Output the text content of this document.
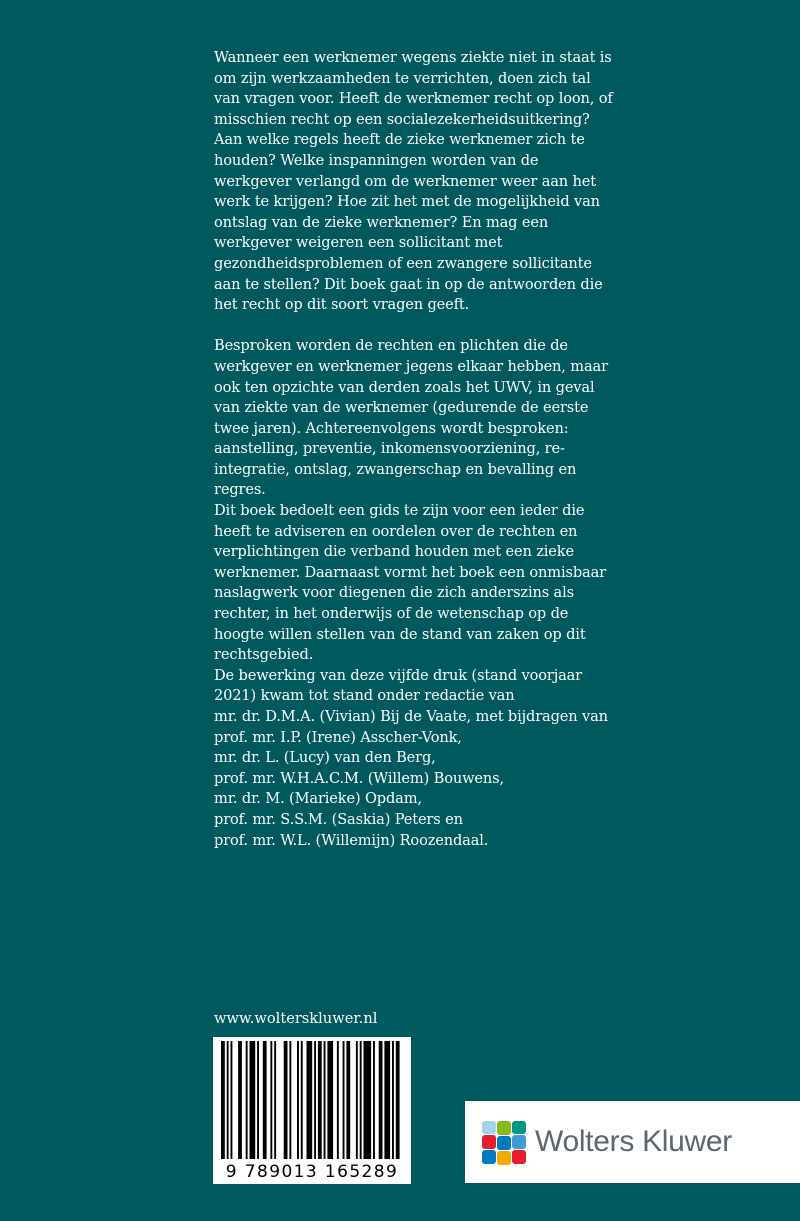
Wanneer een werknemer wegens ziekte niet in staat is om zijn werkzaamheden te verrichten, doen zich tal van vragen voor. Heeft de werknemer recht op loon, of misschien recht op een socialezekerheidsuitkering? Aan welke regels heeft de zieke werknemer zich te houden? Welke inspanningen worden van de werkgever verlangd om de werknemer weer aan het werk te krijgen? Hoe zit het met de mogelijkheid van ontslag van de zieke werknemer? En mag een werkgever weigeren een sollicitant met gezondheidsproblemen of een zwangere sollicitante aan te stellen? Dit boek gaat in op de antwoorden die het recht op dit soort vragen geeft.

Besproken worden de rechten en plichten die de werkgever en werknemer jegens elkaar hebben, maar ook ten opzichte van derden zoals het UWV, in geval van ziekte van de werknemer (gedurende de eerste twee jaren). Achtereenvolgens wordt besproken: aanstelling, preventie, inkomensvoorziening, re-integratie, ontslag, zwangerschap en bevalling en regres.

Dit boek bedoelt een gids te zijn voor een ieder die heeft te adviseren en oordelen over de rechten en verplichtingen die verband houden met een zieke werknemer. Daarnaast vormt het boek een onmisbaar naslagwerk voor diegenen die zich anderszins als rechter, in het onderwijs of de wetenschap op de hoogte willen stellen van de stand van zaken op dit rechtsgebied.

De bewerking van deze vijfde druk (stand voorjaar 2021) kwam tot stand onder redactie van

mr. dr. D.M.A. (Vivian) Bij de Vaate, met bijdragen van
prof. mr. I.P. (Irene) Asscher-Vonk,
mr. dr. L. (Lucy) van den Berg,
prof. mr. W.H.A.C.M. (Willem) Bouwens,
mr. dr. M. (Marieke) Opdam,
prof. mr. S.S.M. (Saskia) Peters en
prof. mr. W.L. (Willemijn) Roozendaal.
www.wolterskluwer.nl
9 789013 165289
Wolters Kluwer
